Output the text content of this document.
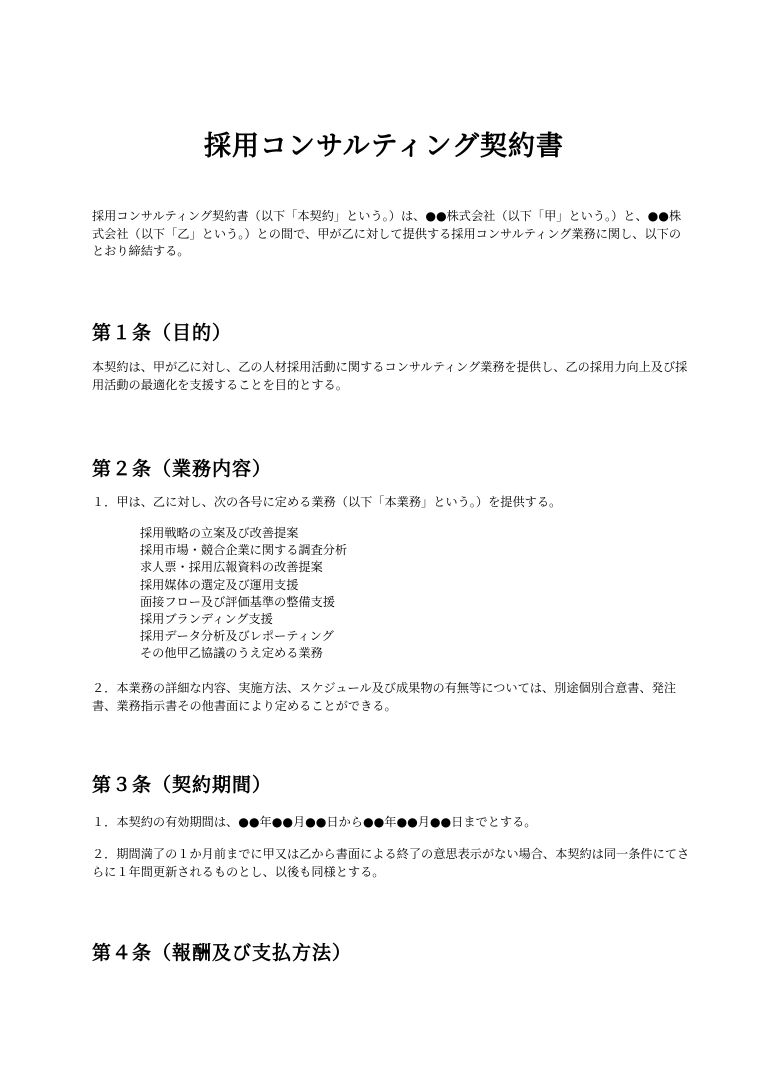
採用コンサルティング契約書

採用コンサルティング契約書（以下「本契約」という。）は、●●株式会社（以下「甲」という。）と、●●株式会社（以下「乙」という。）との間で、甲が乙に対して提供する採用コンサルティング業務に関し、以下のとおり締結する。

第１条（目的）

本契約は、甲が乙に対し、乙の人材採用活動に関するコンサルティング業務を提供し、乙の採用力向上及び採用活動の最適化を支援することを目的とする。

第２条（業務内容）

１．甲は、乙に対し、次の各号に定める業務（以下「本業務」という。）を提供する。

採用戦略の立案及び改善提案
採用市場・競合企業に関する調査分析
求人票・採用広報資料の改善提案
採用媒体の選定及び運用支援
面接フロー及び評価基準の整備支援
採用ブランディング支援
採用データ分析及びレポーティング
その他甲乙協議のうえ定める業務

２．本業務の詳細な内容、実施方法、スケジュール及び成果物の有無等については、別途個別合意書、発注書、業務指示書その他書面により定めることができる。

第３条（契約期間）

１．本契約の有効期間は、●●年●●月●●日から●●年●●月●●日までとする。

２．期間満了の１か月前までに甲又は乙から書面による終了の意思表示がない場合、本契約は同一条件にてさらに１年間更新されるものとし、以後も同様とする。

第４条（報酬及び支払方法）
